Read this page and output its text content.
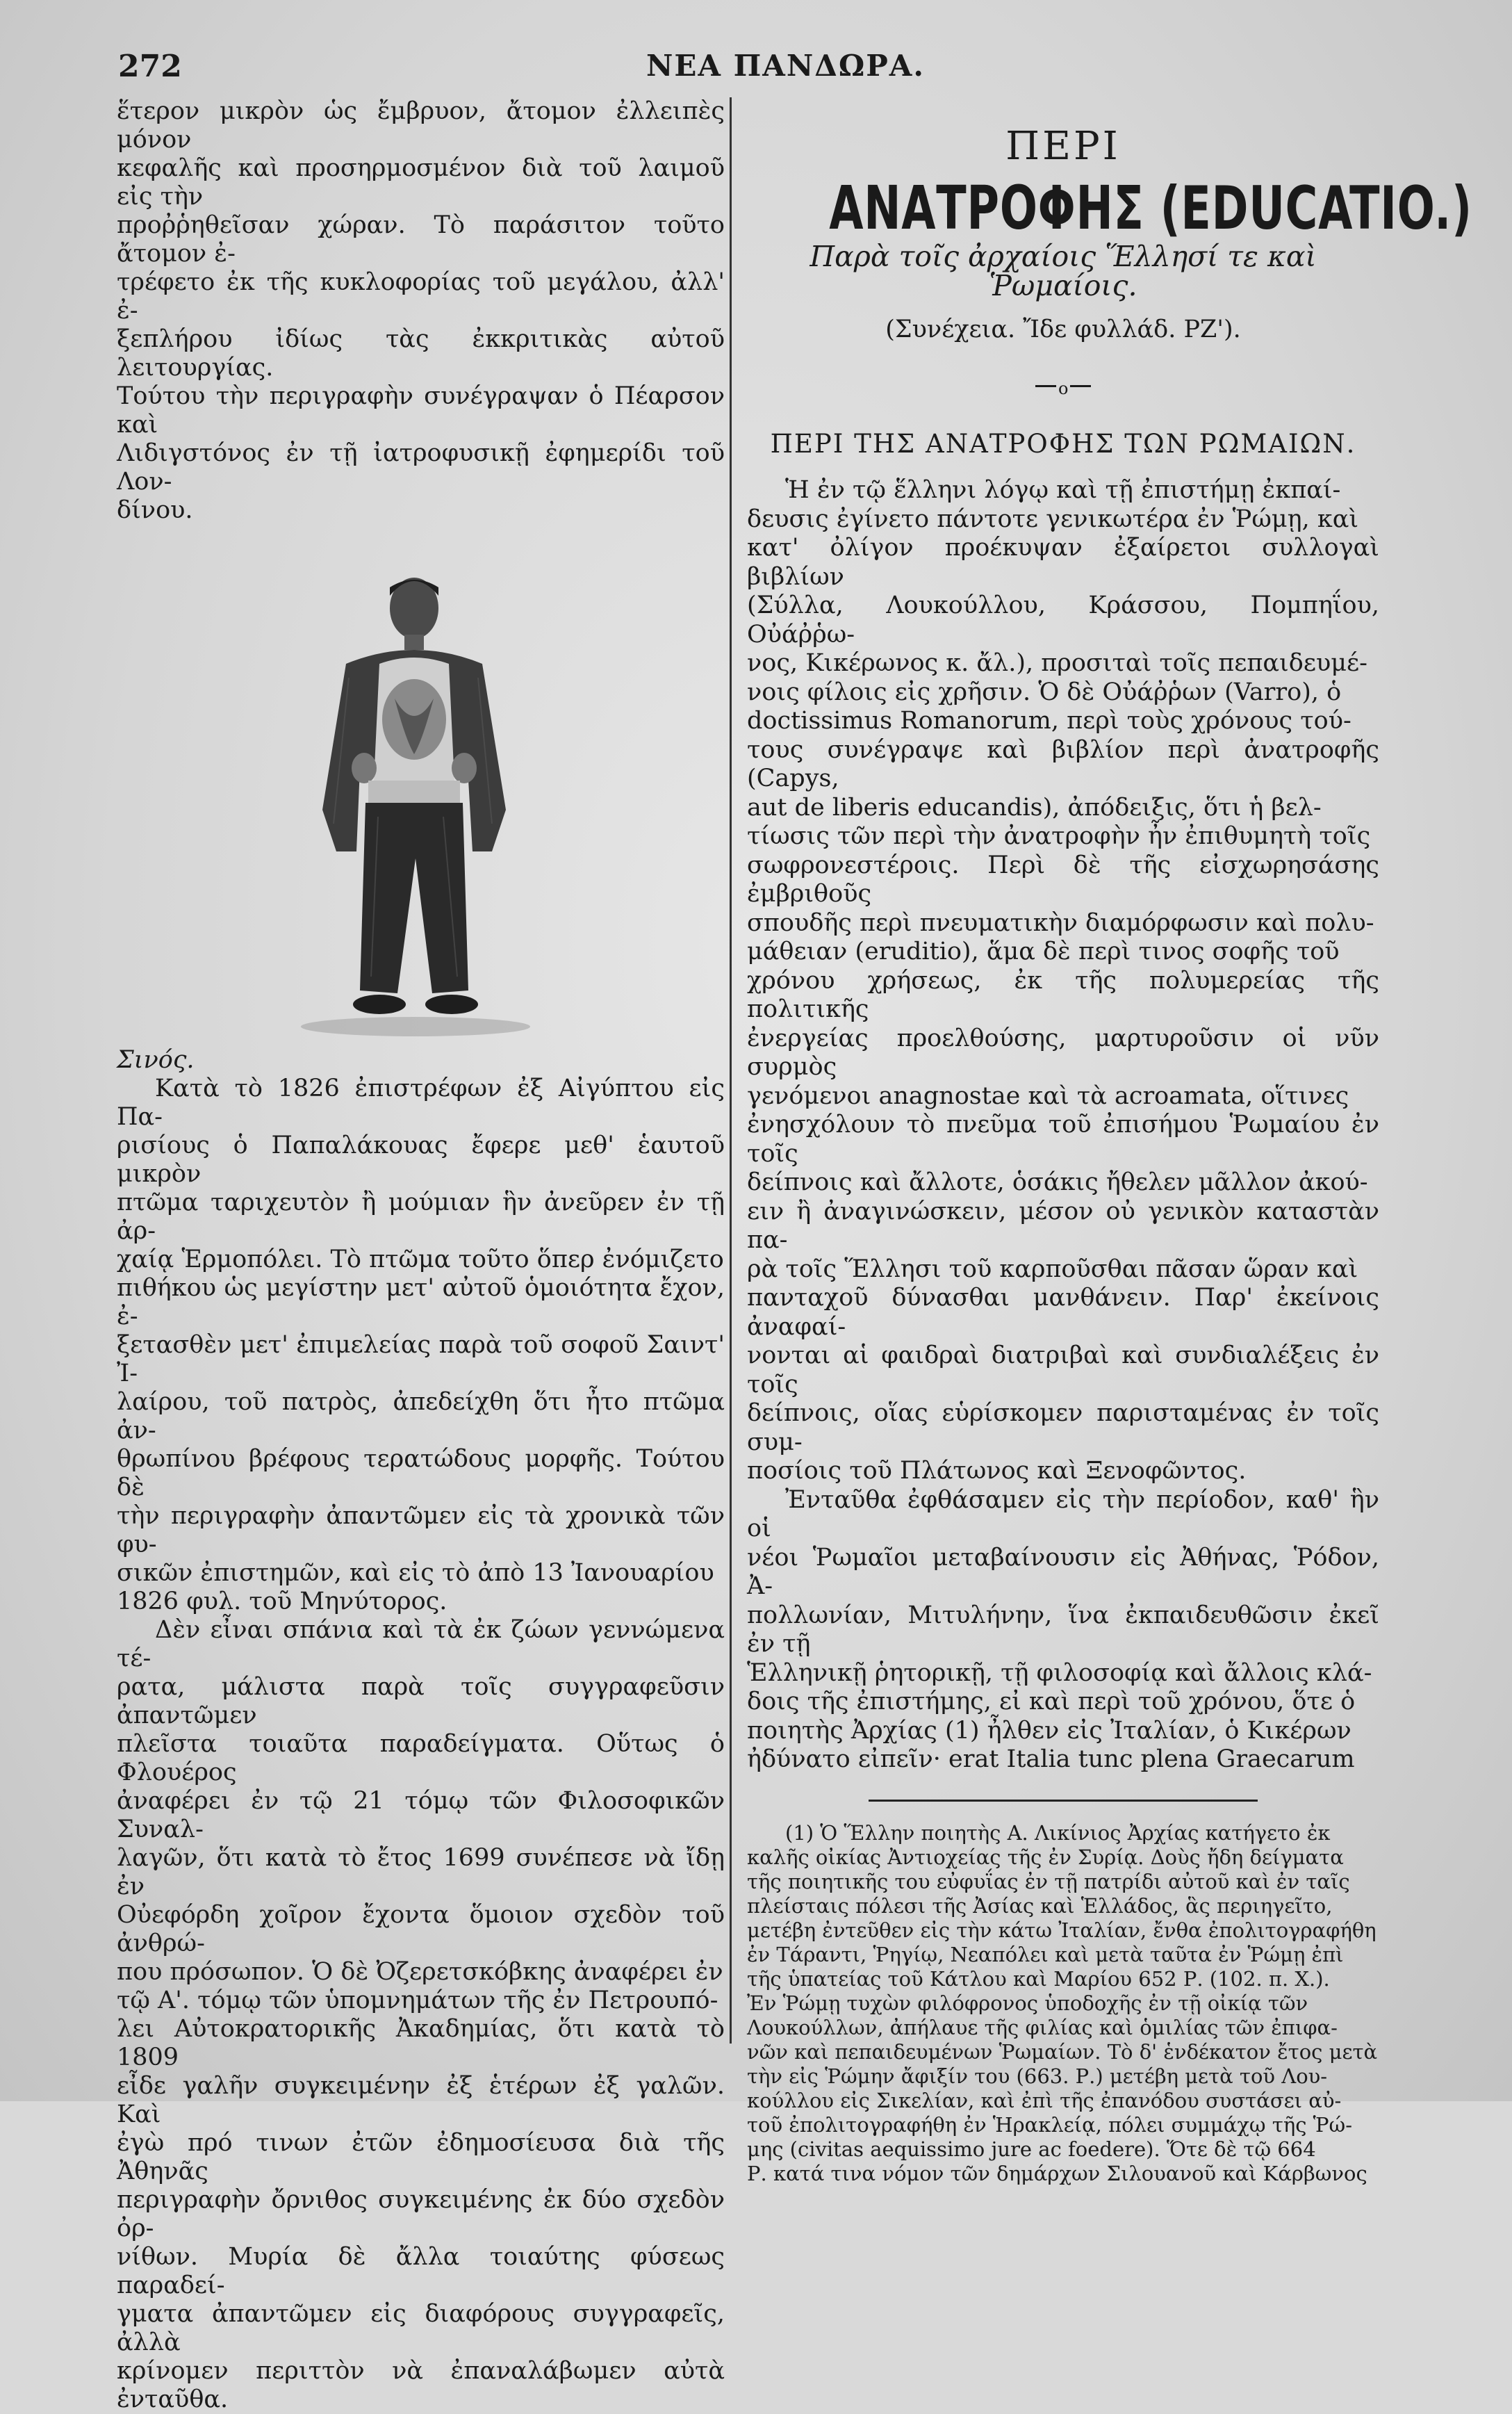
272	ΝΕΑ ΠΑΝΔΩΡΑ.

ἕτερον μικρὸν ὡς ἔμβρυον, ἄτομον ἐλλειπὲς μόνον

κεφαλῆς καὶ προσηρμοσμένον διὰ τοῦ λαιμοῦ εἰς τὴν

προῤῥηθεῖσαν χώραν. Τὸ παράσιτον τοῦτο ἄτομον ἐ-

τρέφετο ἐκ τῆς κυκλοφορίας τοῦ μεγάλου, ἀλλ' ἐ-

ξεπλήρου ἰδίως τὰς ἐκκριτικὰς αὐτοῦ λειτουργίας.

Τούτου τὴν περιγραφὴν συνέγραψαν ὁ Πέαρσον καὶ

Λιδιγστόνος ἐν τῇ ἰατροφυσικῇ ἐφημερίδι τοῦ Λον-

δίνου.

Σινός.

Κατὰ τὸ 1826 ἐπιστρέφων ἐξ Αἰγύπτου εἰς Πα-

ρισίους ὁ Παπαλάκουας ἔφερε μεθ' ἑαυτοῦ μικρὸν

πτῶμα ταριχευτὸν ἢ μούμιαν ἣν ἀνεῦρεν ἐν τῇ ἀρ-

χαίᾳ Ἑρμοπόλει. Τὸ πτῶμα τοῦτο ὅπερ ἐνόμιζετο

πιθήκου ὡς μεγίστην μετ' αὐτοῦ ὁμοιότητα ἔχον, ἐ-

ξετασθὲν μετ' ἐπιμελείας παρὰ τοῦ σοφοῦ Σαιντ' Ἰ-

λαίρου, τοῦ πατρὸς, ἀπεδείχθη ὅτι ἦτο πτῶμα ἀν-

θρωπίνου βρέφους τερατώδους μορφῆς. Τούτου δὲ

τὴν περιγραφὴν ἀπαντῶμεν εἰς τὰ χρονικὰ τῶν φυ-

σικῶν ἐπιστημῶν, καὶ εἰς τὸ ἀπὸ 13 Ἰανουαρίου

1826 φυλ. τοῦ Μηνύτορος.

Δὲν εἶναι σπάνια καὶ τὰ ἐκ ζώων γεννώμενα τέ-

ρατα, μάλιστα παρὰ τοῖς συγγραφεῦσιν ἀπαντῶμεν

πλεῖστα τοιαῦτα παραδείγματα. Οὕτως ὁ Φλουέρος

ἀναφέρει ἐν τῷ 21 τόμῳ τῶν Φιλοσοφικῶν Συναλ-

λαγῶν, ὅτι κατὰ τὸ ἔτος 1699 συνέπεσε νὰ ἴδῃ ἐν

Οὐεφόρδη χοῖρον ἔχοντα ὅμοιον σχεδὸν τοῦ ἀνθρώ-

που πρόσωπον. Ὁ δὲ Ὀζερετσκόβκης ἀναφέρει ἐν

τῷ Α'. τόμῳ τῶν ὑπομνημάτων τῆς ἐν Πετρουπό-

λει Αὐτοκρατορικῆς Ἀκαδημίας, ὅτι κατὰ τὸ 1809

εἶδε γαλῆν συγκειμένην ἐξ ἑτέρων ἐξ γαλῶν. Καὶ

ἐγὼ πρό τινων ἐτῶν ἐδημοσίευσα διὰ τῆς Ἀθηνᾶς

περιγραφὴν ὄρνιθος συγκειμένης ἐκ δύο σχεδὸν ὀρ-

νίθων. Μυρία δὲ ἄλλα τοιαύτης φύσεως παραδεί-

γματα ἀπαντῶμεν εἰς διαφόρους συγγραφεῖς, ἀλλὰ

κρίνομεν περιττὸν νὰ ἐπαναλάβωμεν αὐτὰ ἐνταῦθα.

ΠΕΡΙ
ΑΝΑΤΡΟΦΗΣ (EDUCATIO.)
Παρὰ τοῖς ἀρχαίοις Ἕλλησί τε καὶ Ῥωμαίοις.
(Συνέχεια. Ἴδε φυλλάδ. ΡΖ').
o
ΠΕΡΙ ΤΗΣ ΑΝΑΤΡΟΦΗΣ ΤΩΝ ΡΩΜΑΙΩΝ.

Ἡ ἐν τῷ ἕλληνι λόγῳ καὶ τῇ ἐπιστήμῃ ἐκπαί-

δευσις ἐγίνετο πάντοτε γενικωτέρα ἐν Ῥώμῃ, καὶ

κατ' ὀλίγον προέκυψαν ἐξαίρετοι συλλογαὶ βιβλίων

(Σύλλα, Λουκούλλου, Κράσσου, Πομπηΐου, Οὐάῤῥω-

νος, Κικέρωνος κ. ἄλ.), προσιταὶ τοῖς πεπαιδευμέ-

νοις φίλοις εἰς χρῆσιν. Ὁ δὲ Οὐάῤῥων (Varro), ὁ

doctissimus Romanorum, περὶ τοὺς χρόνους τού-

τους συνέγραψε καὶ βιβλίον περὶ ἀνατροφῆς (Capys,

aut de liberis educandis), ἀπόδειξις, ὅτι ἡ βελ-

τίωσις τῶν περὶ τὴν ἀνατροφὴν ἦν ἐπιθυμητὴ τοῖς

σωφρονεστέροις. Περὶ δὲ τῆς εἰσχωρησάσης ἐμβριθοῦς

σπουδῆς περὶ πνευματικὴν διαμόρφωσιν καὶ πολυ-

μάθειαν (eruditio), ἅμα δὲ περὶ τινος σοφῆς τοῦ

χρόνου χρήσεως, ἐκ τῆς πολυμερείας τῆς πολιτικῆς

ἐνεργείας προελθούσης, μαρτυροῦσιν οἱ νῦν συρμὸς

γενόμενοι anagnostae καὶ τὰ acroamata, οἵτινες

ἐνησχόλουν τὸ πνεῦμα τοῦ ἐπισήμου Ῥωμαίου ἐν τοῖς

δείπνοις καὶ ἄλλοτε, ὁσάκις ἤθελεν μᾶλλον ἀκού-

ειν ἢ ἀναγινώσκειν, μέσον οὐ γενικὸν καταστὰν πα-

ρὰ τοῖς Ἕλλησι τοῦ καρποῦσθαι πᾶσαν ὥραν καὶ

πανταχοῦ δύνασθαι μανθάνειν. Παρ' ἐκείνοις ἀναφαί-

νονται αἱ φαιδραὶ διατριβαὶ καὶ συνδιαλέξεις ἐν τοῖς

δείπνοις, οἵας εὑρίσκομεν παρισταμένας ἐν τοῖς συμ-

ποσίοις τοῦ Πλάτωνος καὶ Ξενοφῶντος.

Ἐνταῦθα ἐφθάσαμεν εἰς τὴν περίοδον, καθ' ἣν οἱ

νέοι Ῥωμαῖοι μεταβαίνουσιν εἰς Ἀθήνας, Ῥόδον, Ἀ-

πολλωνίαν, Μιτυλήνην, ἵνα ἐκπαιδευθῶσιν ἐκεῖ ἐν τῇ

Ἑλληνικῇ ῥητορικῇ, τῇ φιλοσοφίᾳ καὶ ἄλλοις κλά-

δοις τῆς ἐπιστήμης, εἰ καὶ περὶ τοῦ χρόνου, ὅτε ὁ

ποιητὴς Ἀρχίας (1) ἦλθεν εἰς Ἰταλίαν, ὁ Κικέρων

ἠδύνατο εἰπεῖν· erat Italia tunc plena Graecarum

(1) Ὁ Ἕλλην ποιητὴς Α. Λικίνιος Ἀρχίας κατήγετο ἐκ

καλῆς οἰκίας Ἀντιοχείας τῆς ἐν Συρίᾳ. Δοὺς ἤδη δείγματα

τῆς ποιητικῆς του εὐφυΐας ἐν τῇ πατρίδι αὐτοῦ καὶ ἐν ταῖς

πλείσταις πόλεσι τῆς Ἀσίας καὶ Ἑλλάδος, ἃς περιηγεῖτο,

μετέβη ἐντεῦθεν εἰς τὴν κάτω Ἰταλίαν, ἔνθα ἐπολιτογραφήθη

ἐν Τάραντι, Ῥηγίῳ, Νεαπόλει καὶ μετὰ ταῦτα ἐν Ῥώμῃ ἐπὶ

τῆς ὑπατείας τοῦ Κάτλου καὶ Μαρίου 652 Ρ. (102. π. Χ.).

Ἐν Ῥώμῃ τυχὼν φιλόφρονος ὑποδοχῆς ἐν τῇ οἰκίᾳ τῶν

Λουκούλλων, ἀπήλαυε τῆς φιλίας καὶ ὁμιλίας τῶν ἐπιφα-

νῶν καὶ πεπαιδευμένων Ῥωμαίων. Τὸ δ' ἑνδέκατον ἔτος μετὰ

τὴν εἰς Ῥώμην ἄφιξίν του (663. Ρ.) μετέβη μετὰ τοῦ Λου-

κούλλου εἰς Σικελίαν, καὶ ἐπὶ τῆς ἐπανόδου συστάσει αὐ-

τοῦ ἐπολιτογραφήθη ἐν Ἡρακλείᾳ, πόλει συμμάχῳ τῆς Ῥώ-

μης (civitas aequissimo jure ac foedere). Ὅτε δὲ τῷ 664

Ρ. κατά τινα νόμον τῶν δημάρχων Σιλουανοῦ καὶ Κάρβωνος
